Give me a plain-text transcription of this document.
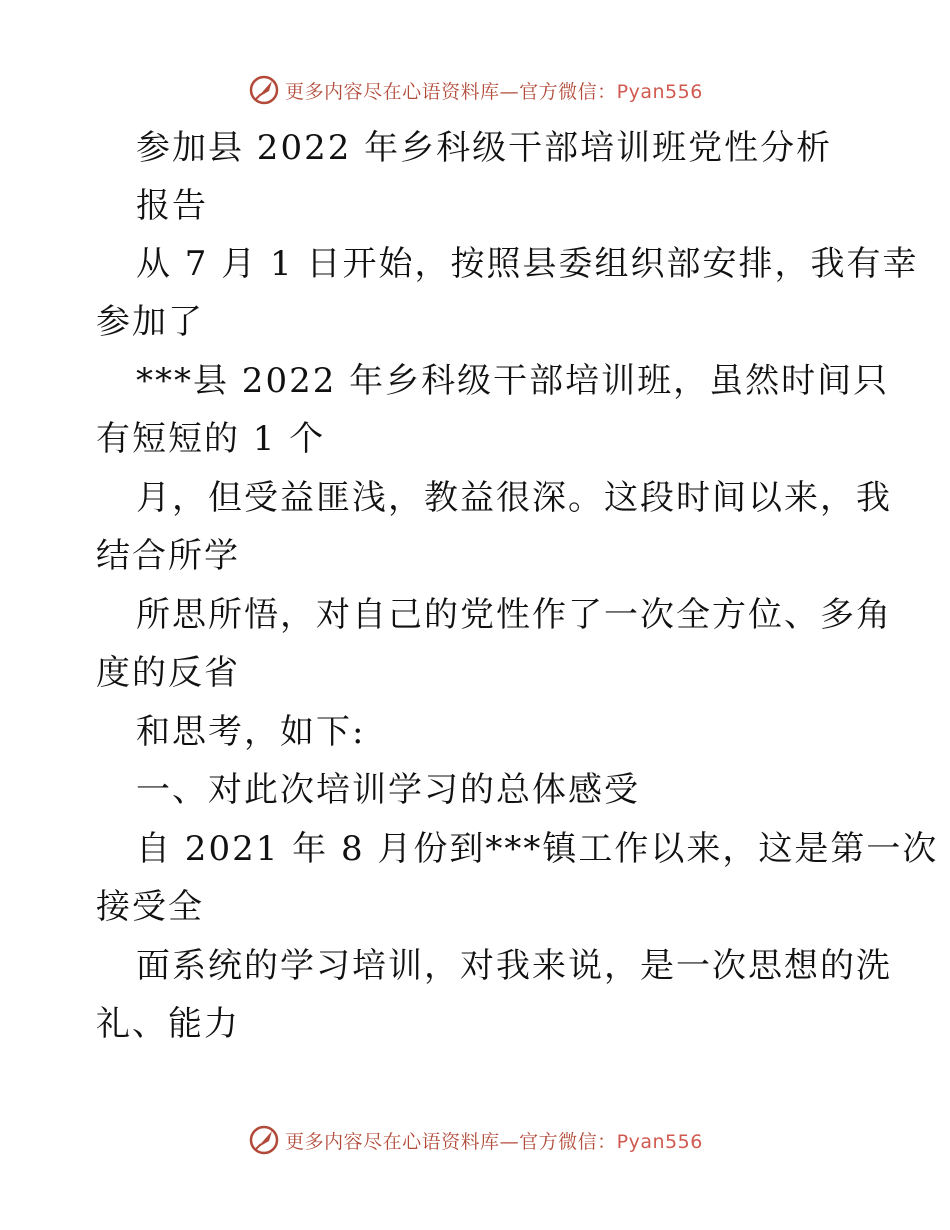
更多内容尽在心语资料库—官方微信：Pyan556
参加县 2022 年乡科级干部培训班党性分析
报告
从 7 月 1 日开始，按照县委组织部安排，我有幸
参加了
***县 2022 年乡科级干部培训班，虽然时间只
有短短的 1 个
月，但受益匪浅，教益很深。这段时间以来，我
结合所学
所思所悟，对自己的党性作了一次全方位、多角
度的反省
和思考，如下:
一、对此次培训学习的总体感受
自 2021 年 8 月份到***镇工作以来，这是第一次
接受全
面系统的学习培训，对我来说，是一次思想的洗
礼、能力
更多内容尽在心语资料库—官方微信：Pyan556
